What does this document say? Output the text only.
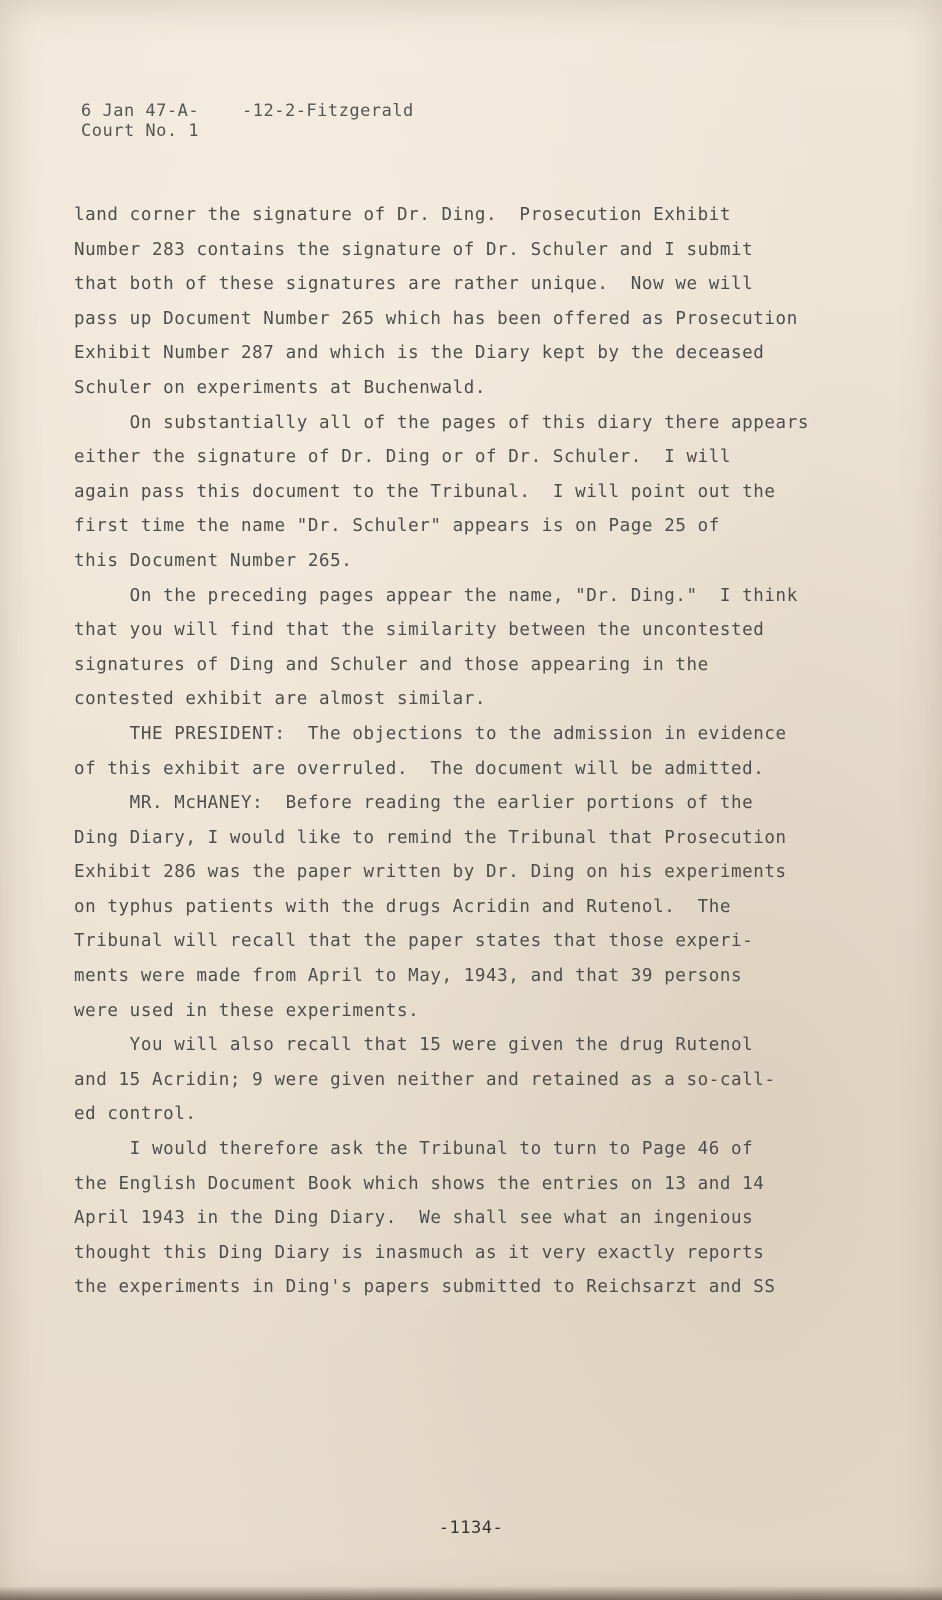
6 Jan 47-A-    -12-2-Fitzgerald
Court No. 1
land corner the signature of Dr. Ding.  Prosecution Exhibit
Number 283 contains the signature of Dr. Schuler and I submit
that both of these signatures are rather unique.  Now we will
pass up Document Number 265 which has been offered as Prosecution
Exhibit Number 287 and which is the Diary kept by the deceased
Schuler on experiments at Buchenwald.
On substantially all of the pages of this diary there appears
either the signature of Dr. Ding or of Dr. Schuler.  I will
again pass this document to the Tribunal.  I will point out the
first time the name "Dr. Schuler" appears is on Page 25 of
this Document Number 265.
On the preceding pages appear the name, "Dr. Ding."  I think
that you will find that the similarity between the uncontested
signatures of Ding and Schuler and those appearing in the
contested exhibit are almost similar.
THE PRESIDENT:  The objections to the admission in evidence
of this exhibit are overruled.  The document will be admitted.
MR. McHANEY:  Before reading the earlier portions of the
Ding Diary, I would like to remind the Tribunal that Prosecution
Exhibit 286 was the paper written by Dr. Ding on his experiments
on typhus patients with the drugs Acridin and Rutenol.  The
Tribunal will recall that the paper states that those experi-
ments were made from April to May, 1943, and that 39 persons
were used in these experiments.
You will also recall that 15 were given the drug Rutenol
and 15 Acridin; 9 were given neither and retained as a so-call-
ed control.
I would therefore ask the Tribunal to turn to Page 46 of
the English Document Book which shows the entries on 13 and 14
April 1943 in the Ding Diary.  We shall see what an ingenious
thought this Ding Diary is inasmuch as it very exactly reports
the experiments in Ding's papers submitted to Reichsarzt and SS
-1134-
